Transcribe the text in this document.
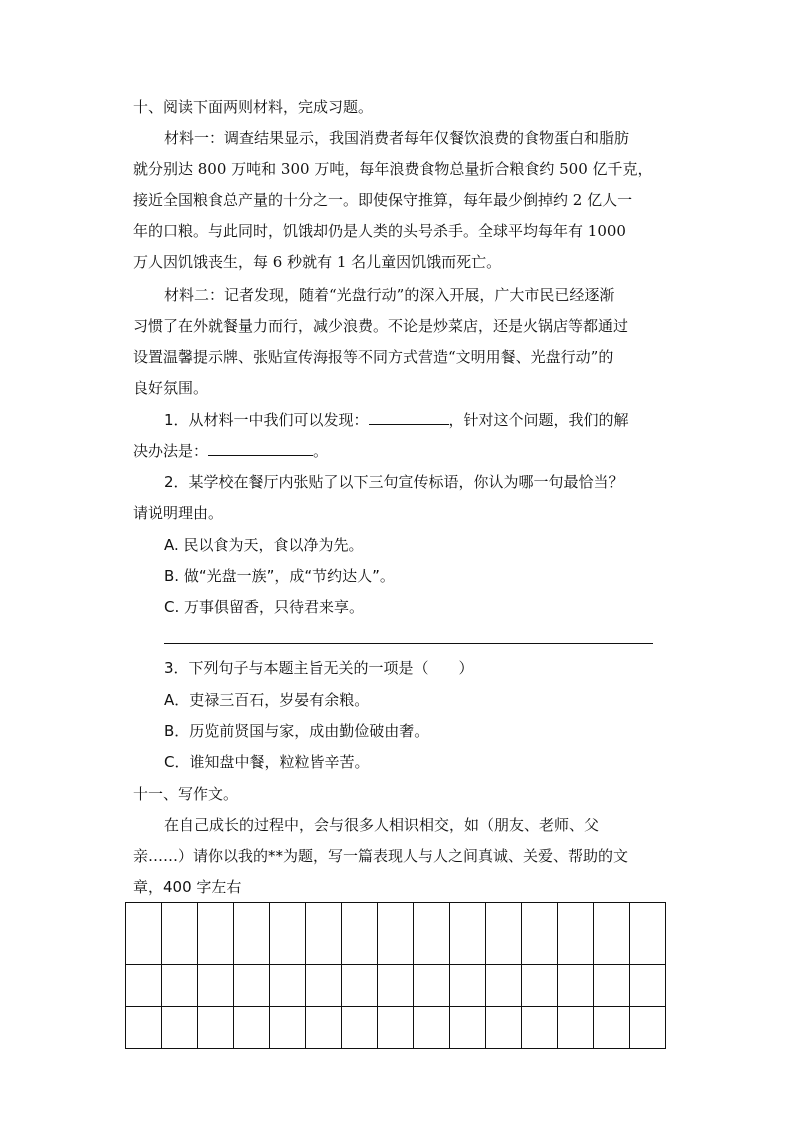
十、阅读下面两则材料，完成习题。
材料一：调查结果显示，我国消费者每年仅餐饮浪费的食物蛋白和脂肪
就分别达 800 万吨和 300 万吨，每年浪费食物总量折合粮食约 500 亿千克，
接近全国粮食总产量的十分之一。即使保守推算，每年最少倒掉约 2 亿人一
年的口粮。与此同时，饥饿却仍是人类的头号杀手。全球平均每年有 1000
万人因饥饿丧生，每 6 秒就有 1 名儿童因饥饿而死亡。
材料二：记者发现，随着“光盘行动”的深入开展，广大市民已经逐渐
习惯了在外就餐量力而行，减少浪费。不论是炒菜店，还是火锅店等都通过
设置温馨提示牌、张贴宣传海报等不同方式营造“文明用餐、光盘行动”的
良好氛围。
1．从材料一中我们可以发现：	，针对这个问题，我们的解
决办法是：	。
2．某学校在餐厅内张贴了以下三句宣传标语，你认为哪一句最恰当？
请说明理由。
A. 民以食为天，食以净为先。
B. 做“光盘一族”，成“节约达人”。
C. 万事俱留香，只待君来享。
3．下列句子与本题主旨无关的一项是（　　）
A．吏禄三百石，岁晏有余粮。
B．历览前贤国与家，成由勤俭破由奢。
C．谁知盘中餐，粒粒皆辛苦。
十一、写作文。
在自己成长的过程中，会与很多人相识相交，如（朋友、老师、父
亲……）请你以我的**为题，写一篇表现人与人之间真诚、关爱、帮助的文
章，400 字左右
